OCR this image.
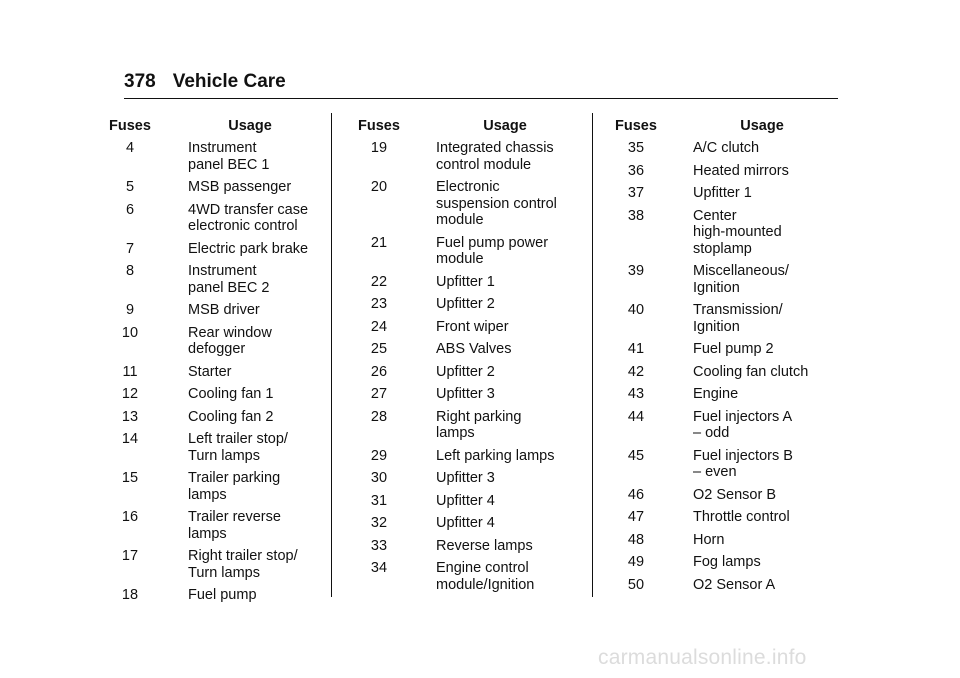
378 Vehicle Care
Fuses	Usage
4	Instrument
panel BEC 1
5	MSB passenger
6	4WD transfer case
electronic control
7	Electric park brake
8	Instrument
panel BEC 2
9	MSB driver
10	Rear window
defogger
11	Starter
12	Cooling fan 1
13	Cooling fan 2
14	Left trailer stop/
Turn lamps
15	Trailer parking
lamps
16	Trailer reverse
lamps
17	Right trailer stop/
Turn lamps
18	Fuel pump
Fuses	Usage
19	Integrated chassis
control module
20	Electronic
suspension control
module
21	Fuel pump power
module
22	Upfitter 1
23	Upfitter 2
24	Front wiper
25	ABS Valves
26	Upfitter 2
27	Upfitter 3
28	Right parking
lamps
29	Left parking lamps
30	Upfitter 3
31	Upfitter 4
32	Upfitter 4
33	Reverse lamps
34	Engine control
module/Ignition
Fuses	Usage
35	A/C clutch
36	Heated mirrors
37	Upfitter 1
38	Center
high-mounted
stoplamp
39	Miscellaneous/
Ignition
40	Transmission/
Ignition
41	Fuel pump 2
42	Cooling fan clutch
43	Engine
44	Fuel injectors A
– odd
45	Fuel injectors B
– even
46	O2 Sensor B
47	Throttle control
48	Horn
49	Fog lamps
50	O2 Sensor A
carmanualsonline.info
